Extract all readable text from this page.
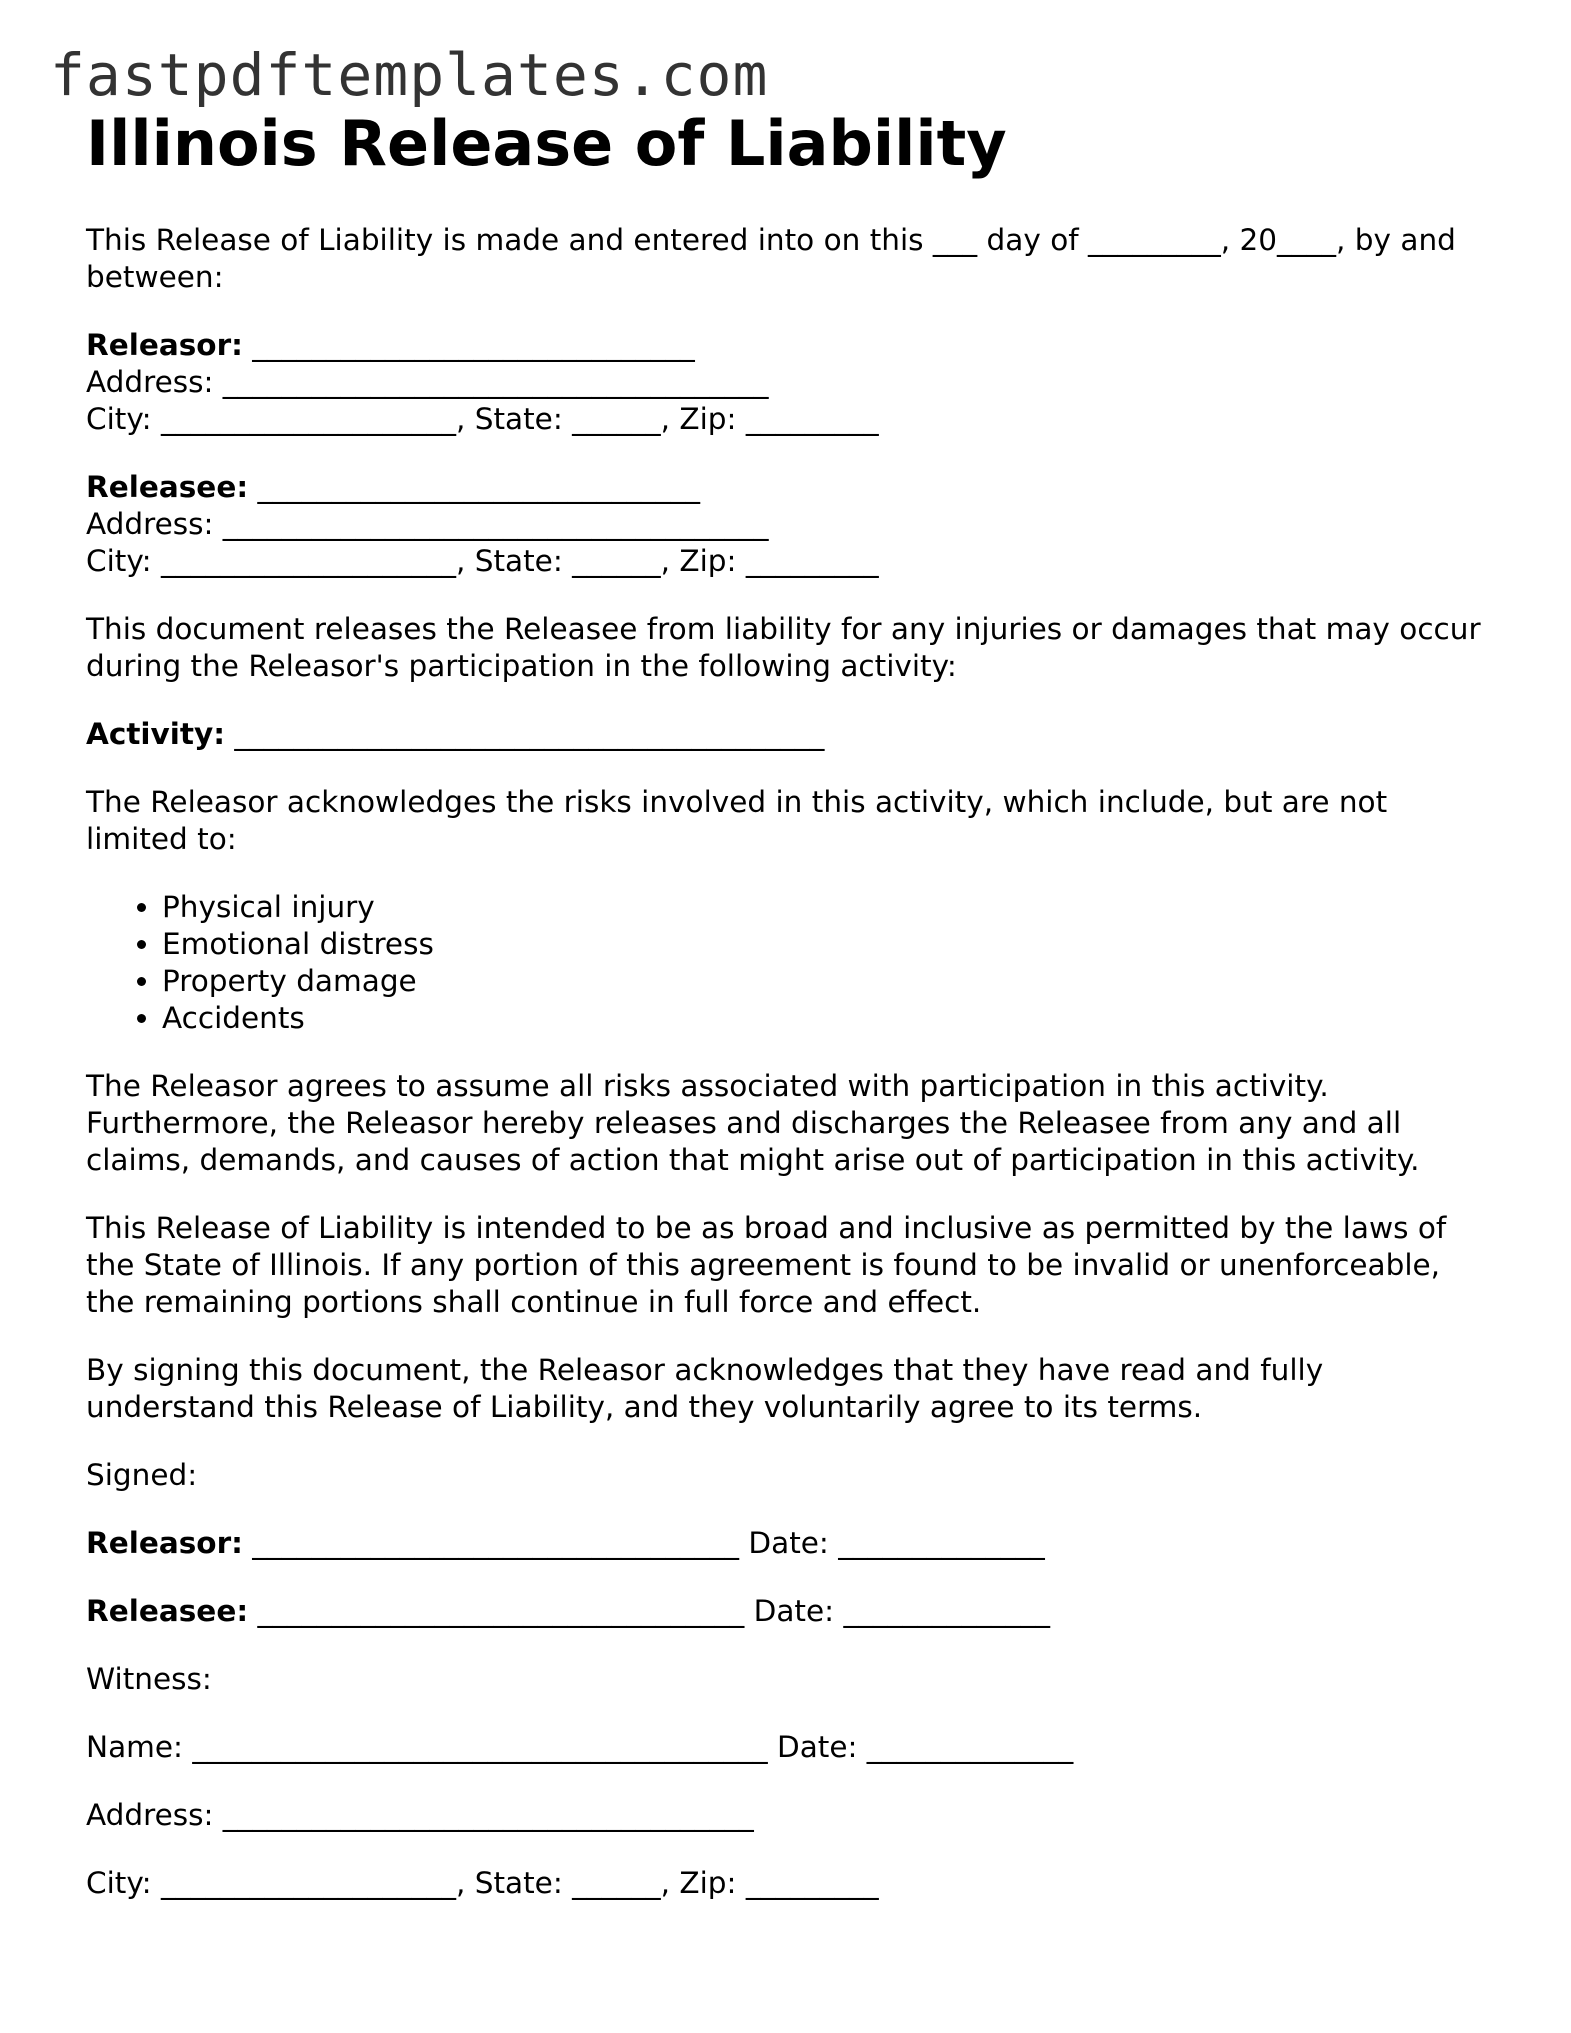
fastpdftemplates.com
Illinois Release of Liability

This Release of Liability is made and entered into on this ___ day of _________, 20____, by and between:

Releasor: ______________________________
Address: _____________________________________
City: ____________________, State: ______, Zip: _________

Releasee: ______________________________
Address: _____________________________________
City: ____________________, State: ______, Zip: _________

This document releases the Releasee from liability for any injuries or damages that may occur during the Releasor's participation in the following activity:

Activity: ________________________________________

The Releasor acknowledges the risks involved in this activity, which include, but are not limited to:

• Physical injury
• Emotional distress
• Property damage
• Accidents

The Releasor agrees to assume all risks associated with participation in this activity. Furthermore, the Releasor hereby releases and discharges the Releasee from any and all claims, demands, and causes of action that might arise out of participation in this activity.

This Release of Liability is intended to be as broad and inclusive as permitted by the laws of the State of Illinois. If any portion of this agreement is found to be invalid or unenforceable, the remaining portions shall continue in full force and effect.

By signing this document, the Releasor acknowledges that they have read and fully understand this Release of Liability, and they voluntarily agree to its terms.

Signed:

Releasor: _________________________________ Date: ______________

Releasee: _________________________________ Date: ______________

Witness:

Name: _______________________________________ Date: ______________

Address: ____________________________________

City: ____________________, State: ______, Zip: _________
